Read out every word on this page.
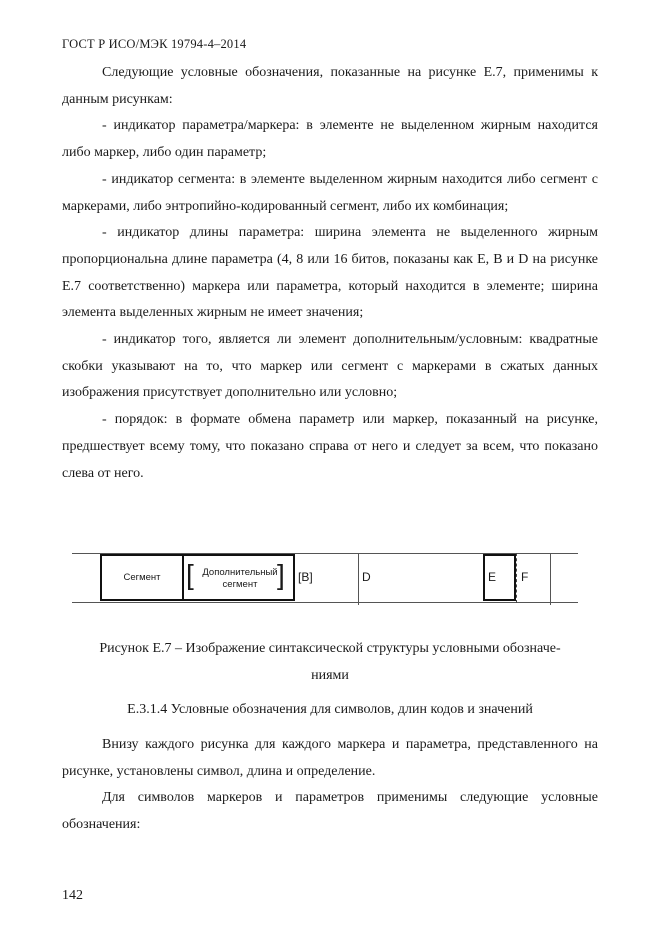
ГОСТ Р ИСО/МЭК 19794-4–2014

Следующие условные обозначения, показанные на рисунке Е.7, применимы к данным рисункам:

- индикатор параметра/маркера: в элементе не выделенном жирным находится либо маркер, либо один параметр;

- индикатор сегмента: в элементе выделенном жирным находится либо сегмент с маркерами, либо энтропийно-кодированный сегмент, либо их комбинация;

- индикатор длины параметра: ширина элемента не выделенного жирным пропорциональна длине параметра (4, 8 или 16 битов, показаны как Е, В и D на рисунке Е.7 соответственно) маркера или параметра, который находится в элементе; ширина элемента выделенных жирным не имеет значения;

- индикатор того, является ли элемент дополнительным/условным: квадратные скобки указывают на то, что маркер или сегмент с маркерами в сжатых данных изображения присутствует дополнительно или условно;

- порядок: в формате обмена параметр или маркер, показанный на рисунке, предшествует всему тому, что показано справа от него и следует за всем, что показано слева от него.

Сегмент [ Дополнительный
сегмент ] [B]	D	E F
Рисунок Е.7 – Изображение синтаксической структуры условными обозначе-
ниями
Е.3.1.4 Условные обозначения для символов, длин кодов и значений

Внизу каждого рисунка для каждого маркера и параметра, представленного на рисунке, установлены символ, длина и определение.

Для символов маркеров и параметров применимы следующие условные обозначения:

142
